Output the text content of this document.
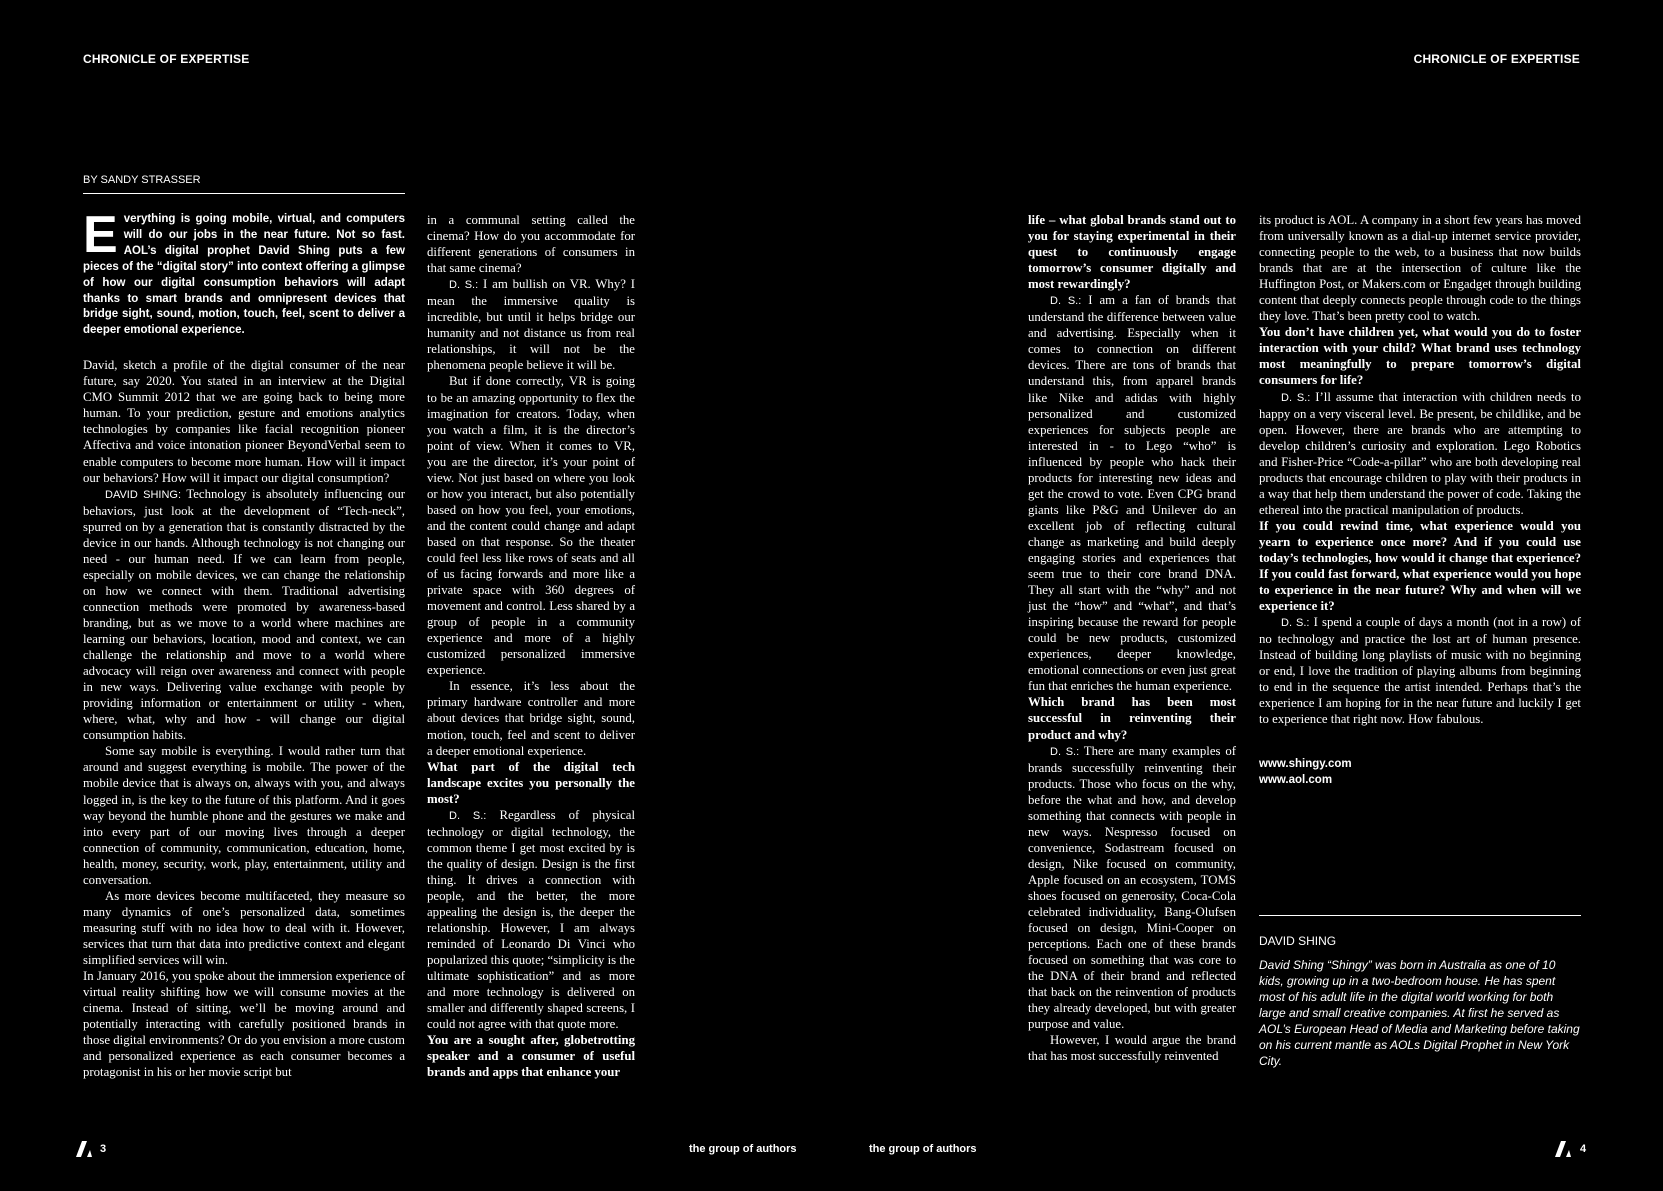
CHRONICLE OF EXPERTISE	CHRONICLE OF EXPERTISE
BY SANDY STRASSER
Everything is going mobile, virtual, and computers will do our jobs in the near future. Not so fast. AOL’s digital prophet David Shing puts a few pieces of the “digital story” into context offering a glimpse of how our digital consumption behaviors will adapt thanks to smart brands and omnipresent devices that bridge sight, sound, motion, touch, feel, scent to deliver a deeper emotional experience.

David, sketch a profile of the digital consumer of the near future, say 2020. You stated in an interview at the Digital CMO Summit 2012 that we are going back to being more human. To your prediction, gesture and emotions analytics technologies by companies like facial recognition pioneer Affectiva and voice intonation pioneer BeyondVerbal seem to enable computers to become more human. How will it impact our behaviors? How will it impact our digital consumption?

DAVID SHING: Technology is absolutely influencing our behaviors, just look at the development of “Tech-neck”, spurred on by a generation that is constantly distracted by the device in our hands. Although technology is not changing our need - our human need. If we can learn from people, especially on mobile devices, we can change the relationship on how we connect with them. Traditional advertising connection methods were promoted by awareness-based branding, but as we move to a world where machines are learning our behaviors, location, mood and context, we can challenge the relationship and move to a world where advocacy will reign over awareness and connect with people in new ways. Delivering value exchange with people by providing information or entertainment or utility - when, where, what, why and how - will change our digital consumption habits.

Some say mobile is everything. I would rather turn that around and suggest everything is mobile. The power of the mobile device that is always on, always with you, and always logged in, is the key to the future of this platform. And it goes way beyond the humble phone and the gestures we make and into every part of our moving lives through a deeper connection of community, communication, education, home, health, money, security, work, play, entertainment, utility and conversation.

As more devices become multifaceted, they measure so many dynamics of one’s personalized data, sometimes measuring stuff with no idea how to deal with it. However, services that turn that data into predictive context and elegant simplified services will win.

In January 2016, you spoke about the immersion experience of virtual reality shifting how we will consume movies at the cinema. Instead of sitting, we’ll be moving around and potentially interacting with carefully positioned brands in those digital environments? Or do you envision a more custom and personalized experience as each consumer becomes a protagonist in his or her movie script but

in a communal setting called the cinema? How do you accommodate for different generations of consumers in that same cinema?

D. S.: I am bullish on VR. Why? I mean the immersive quality is incredible, but until it helps bridge our humanity and not distance us from real relationships, it will not be the phenomena people believe it will be.

But if done correctly, VR is going to be an amazing opportunity to flex the imagination for creators. Today, when you watch a film, it is the director’s point of view. When it comes to VR, you are the director, it’s your point of view. Not just based on where you look or how you interact, but also potentially based on how you feel, your emotions, and the content could change and adapt based on that response. So the theater could feel less like rows of seats and all of us facing forwards and more like a private space with 360 degrees of movement and control. Less shared by a group of people in a community experience and more of a highly customized personalized immersive experience.

In essence, it’s less about the primary hardware controller and more about devices that bridge sight, sound, motion, touch, feel and scent to deliver a deeper emotional experience.

What part of the digital tech landscape excites you personally the most?

D. S.: Regardless of physical technology or digital technology, the common theme I get most excited by is the quality of design. Design is the first thing. It drives a connection with people, and the better, the more appealing the design is, the deeper the relationship. However, I am always reminded of Leonardo Di Vinci who popularized this quote; “simplicity is the ultimate sophistication” and as more and more technology is delivered on smaller and differently shaped screens, I could not agree with that quote more.

You are a sought after, globetrotting speaker and a consumer of useful brands and apps that enhance your

life – what global brands stand out to you for staying experimental in their quest to continuously engage tomorrow’s consumer digitally and most rewardingly?

D. S.: I am a fan of brands that understand the difference between value and advertising. Especially when it comes to connection on different devices. There are tons of brands that understand this, from apparel brands like Nike and adidas with highly personalized and customized experiences for subjects people are interested in - to Lego “who” is influenced by people who hack their products for interesting new ideas and get the crowd to vote. Even CPG brand giants like P&G and Unilever do an excellent job of reflecting cultural change as marketing and build deeply engaging stories and experiences that seem true to their core brand DNA. They all start with the “why” and not just the “how” and “what”, and that’s inspiring because the reward for people could be new products, customized experiences, deeper knowledge, emotional connections or even just great fun that enriches the human experience.

Which brand has been most successful in reinventing their product and why?

D. S.: There are many examples of brands successfully reinventing their products. Those who focus on the why, before the what and how, and develop something that connects with people in new ways. Nespresso focused on convenience, Sodastream focused on design, Nike focused on community, Apple focused on an ecosystem, TOMS shoes focused on generosity, Coca-Cola celebrated individuality, Bang-Olufsen focused on design, Mini-Cooper on perceptions. Each one of these brands focused on something that was core to the DNA of their brand and reflected that back on the reinvention of products they already developed, but with greater purpose and value.

However, I would argue the brand that has most successfully reinvented

its product is AOL. A company in a short few years has moved from universally known as a dial-up internet service provider, connecting people to the web, to a business that now builds brands that are at the intersection of culture like the Huffington Post, or Makers.com or Engadget through building content that deeply connects people through code to the things they love. That’s been pretty cool to watch.

You don’t have children yet, what would you do to foster interaction with your child? What brand uses technology most meaningfully to prepare tomorrow’s digital consumers for life?

D. S.: I’ll assume that interaction with children needs to happy on a very visceral level. Be present, be childlike, and be open. However, there are brands who are attempting to develop children’s curiosity and exploration. Lego Robotics and Fisher-Price “Code-a-pillar” who are both developing real products that encourage children to play with their products in a way that help them understand the power of code. Taking the ethereal into the practical manipulation of products.

If you could rewind time, what experience would you yearn to experience once more? And if you could use today’s technologies, how would it change that experience? If you could fast forward, what experience would you hope to experience in the near future? Why and when will we experience it?

D. S.: I spend a couple of days a month (not in a row) of no technology and practice the lost art of human presence. Instead of building long playlists of music with no beginning or end, I love the tradition of playing albums from beginning to end in the sequence the artist intended. Perhaps that’s the experience I am hoping for in the near future and luckily I get to experience that right now. How fabulous.

www.shingy.com
www.aol.com
DAVID SHING
David Shing “Shingy” was born in Australia as one of 10 kids, growing up in a two-bedroom house. He has spent most of his adult life in the digital world working for both large and small creative companies. At first he served as AOL’s European Head of Media and Marketing before taking on his current mantle as AOLs Digital Prophet in New York City.
3	the group of authors	the group of authors	4
